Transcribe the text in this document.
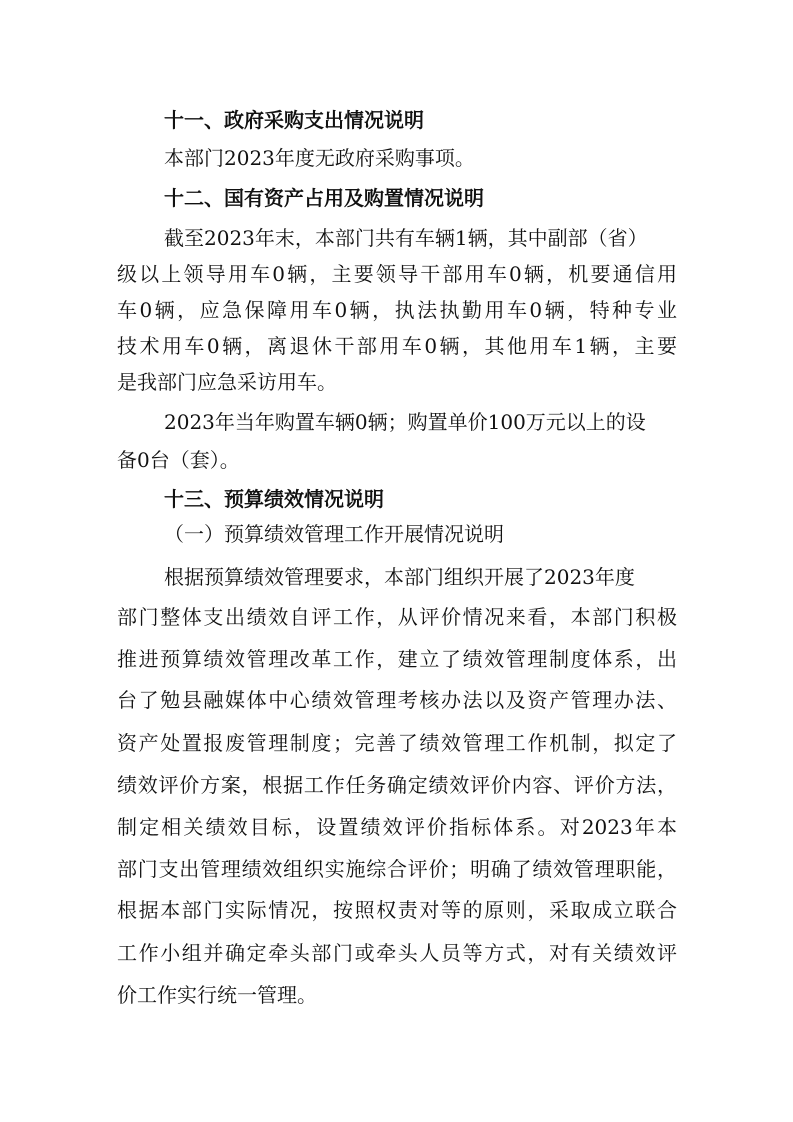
十一、政府采购支出情况说明
本部门2023年度无政府采购事项。
十二、国有资产占用及购置情况说明
截至2023年末，本部门共有车辆1辆，其中副部（省）
级以上领导用车0辆，主要领导干部用车0辆，机要通信用
车0辆，应急保障用车0辆，执法执勤用车0辆，特种专业
技术用车0辆，离退休干部用车0辆，其他用车1辆，主要
是我部门应急采访用车。
2023年当年购置车辆0辆；购置单价100万元以上的设
备0台（套）。
十三、预算绩效情况说明
（一）预算绩效管理工作开展情况说明
根据预算绩效管理要求，本部门组织开展了2023年度
部门整体支出绩效自评工作，从评价情况来看，本部门积极
推进预算绩效管理改革工作，建立了绩效管理制度体系，出
台了勉县融媒体中心绩效管理考核办法以及资产管理办法、
资产处置报废管理制度；完善了绩效管理工作机制，拟定了
绩效评价方案，根据工作任务确定绩效评价内容、评价方法，
制定相关绩效目标，设置绩效评价指标体系。对2023年本
部门支出管理绩效组织实施综合评价；明确了绩效管理职能，
根据本部门实际情况，按照权责对等的原则，采取成立联合
工作小组并确定牵头部门或牵头人员等方式，对有关绩效评
价工作实行统一管理。
